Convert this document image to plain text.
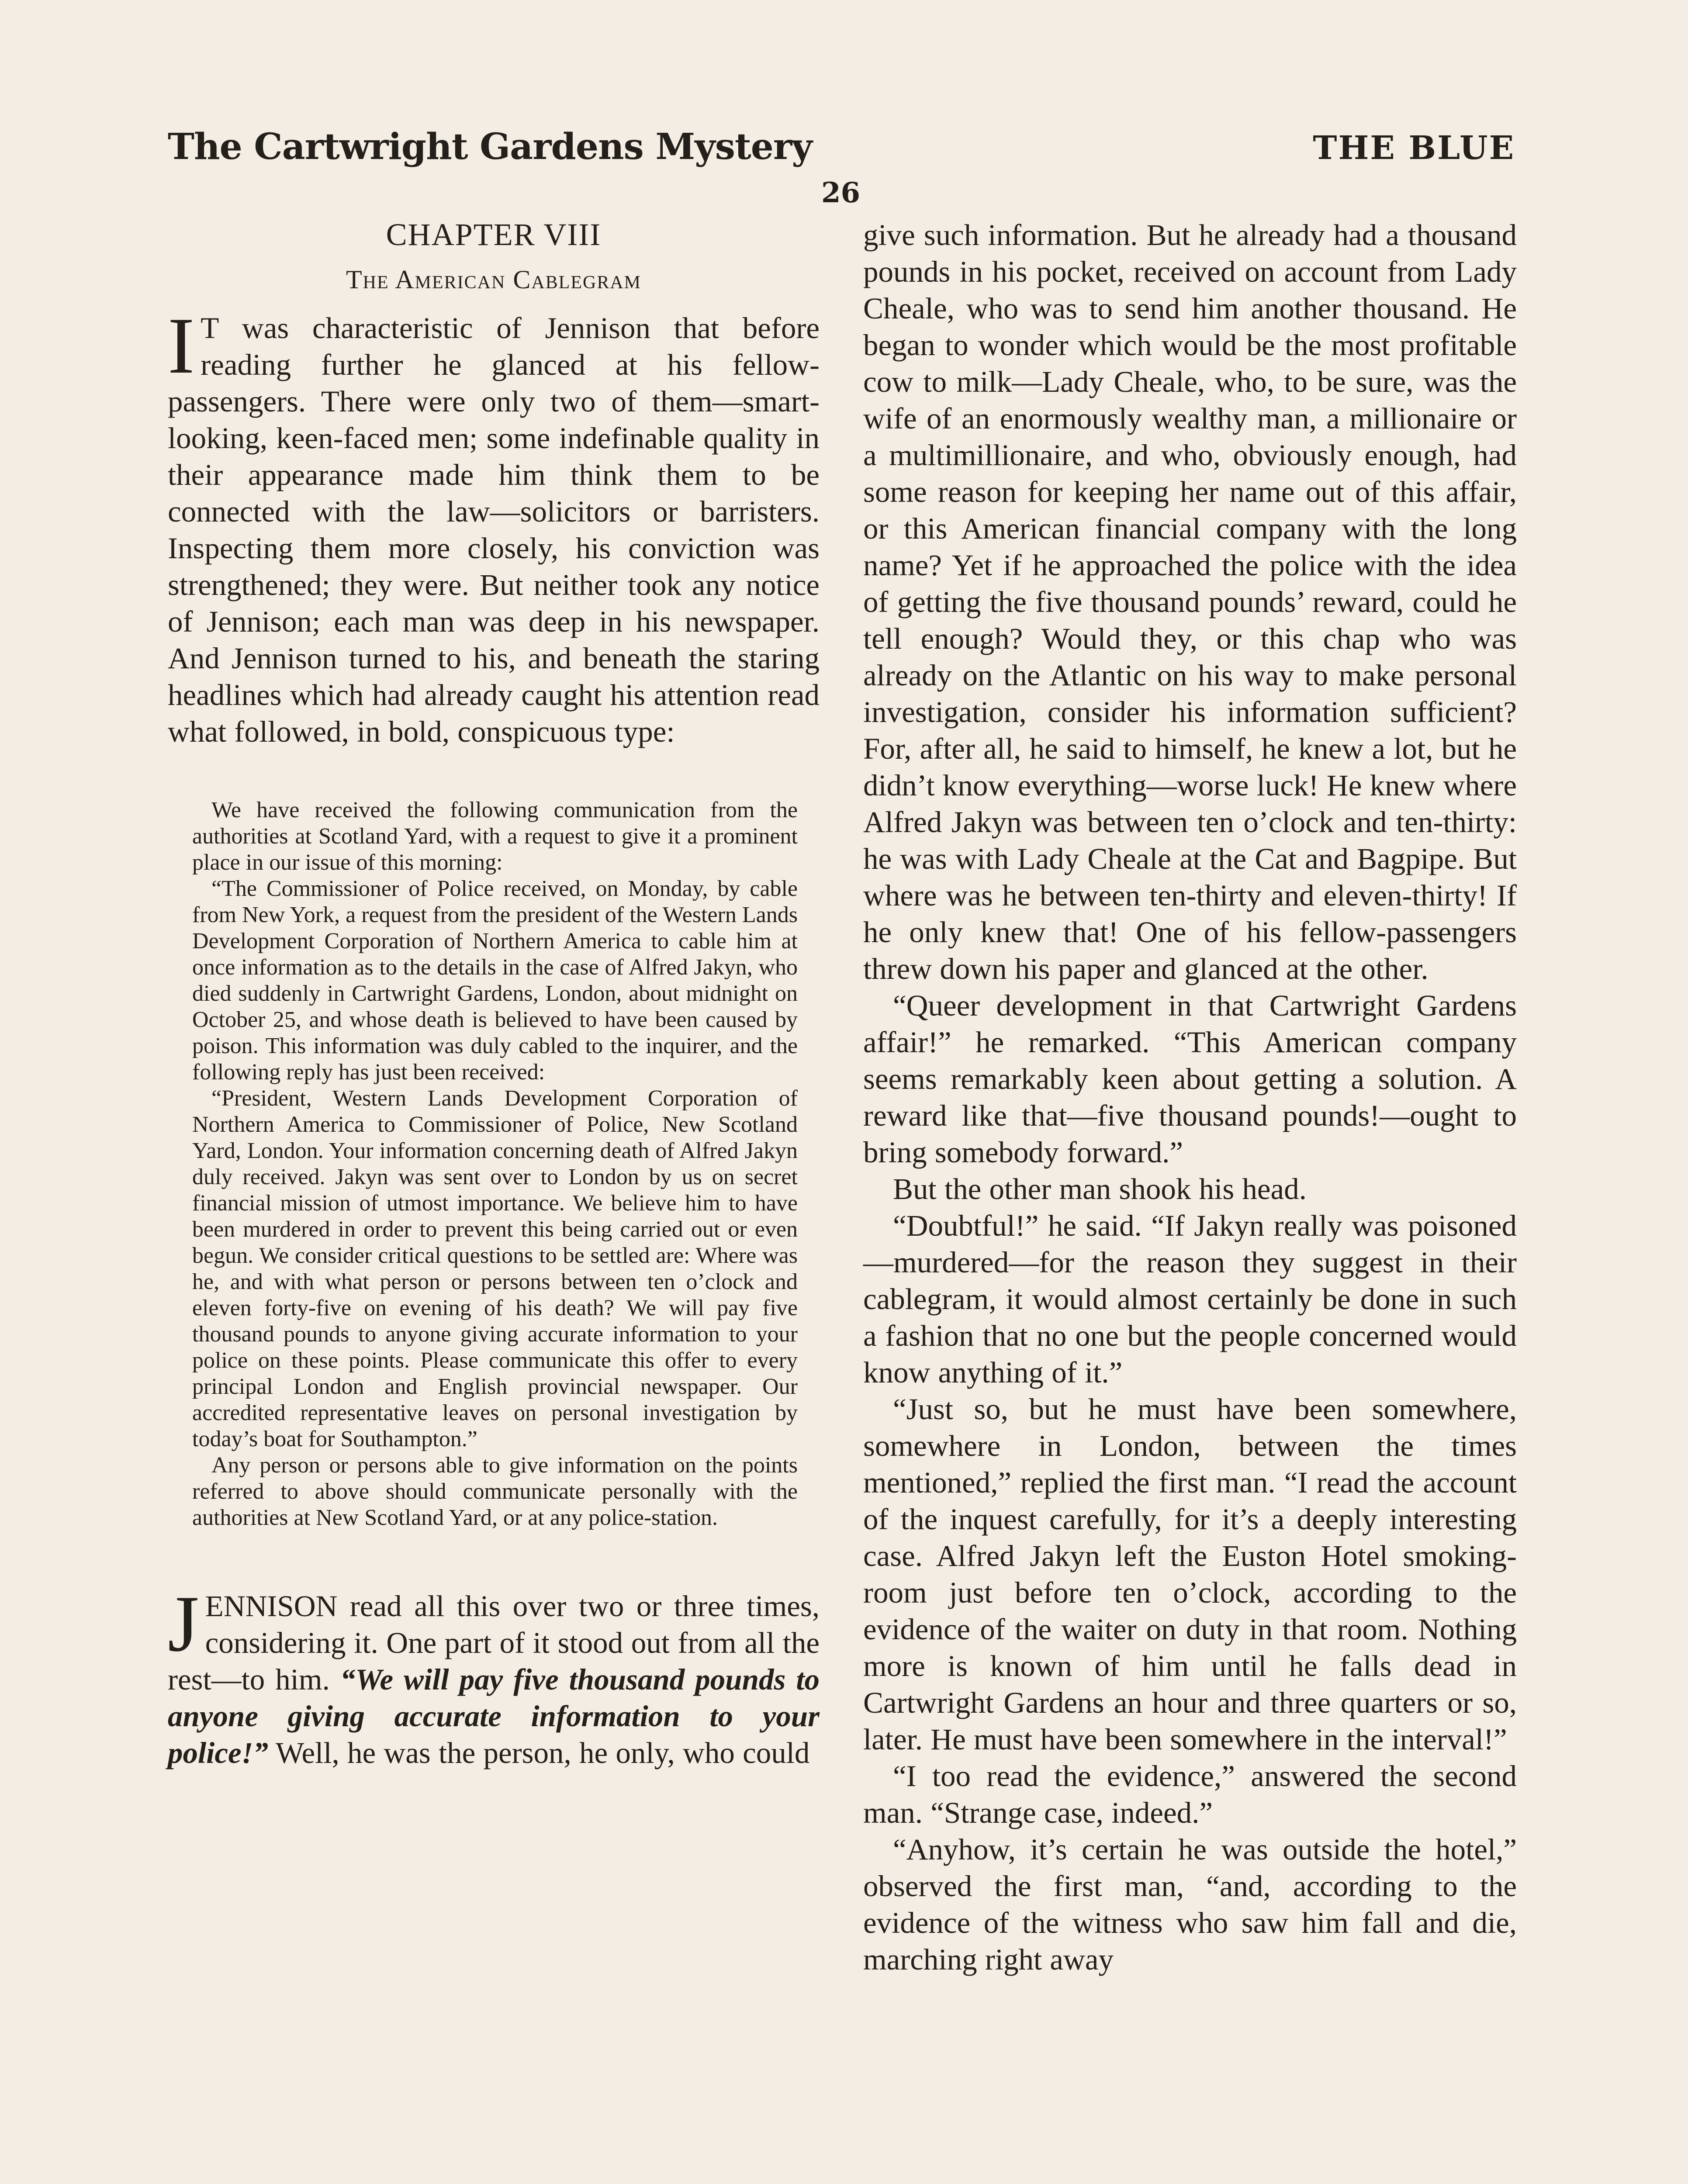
The Cartwright Gardens Mystery	THE BLUE
26
CHAPTER VIII
The American Cablegram

I T was characteristic of Jennison that before reading further he glanced at his fellow-passengers. There were only two of them—smart-looking, keen-faced men; some indefinable quality in their appearance made him think them to be connected with the law—solicitors or barristers. Inspecting them more closely, his conviction was strengthened; they were. But neither took any notice of Jennison; each man was deep in his newspaper. And Jennison turned to his, and beneath the staring headlines which had already caught his attention read what followed, in bold, conspicuous type:

We have received the following communication from the authorities at Scotland Yard, with a request to give it a prominent place in our issue of this morning:

“The Commissioner of Police received, on Monday, by cable from New York, a request from the president of the Western Lands Development Corporation of Northern America to cable him at once information as to the details in the case of Alfred Jakyn, who died suddenly in Cartwright Gardens, London, about midnight on October 25, and whose death is believed to have been caused by poison. This information was duly cabled to the inquirer, and the following reply has just been received:

“President, Western Lands Development Corporation of Northern America to Commissioner of Police, New Scotland Yard, London. Your information concerning death of Alfred Jakyn duly received. Jakyn was sent over to London by us on secret financial mission of utmost importance. We believe him to have been murdered in order to prevent this being carried out or even begun. We consider critical questions to be settled are: Where was he, and with what person or persons between ten o’clock and eleven forty-five on evening of his death? We will pay five thousand pounds to anyone giving accurate information to your police on these points. Please communicate this offer to every principal London and English provincial newspaper. Our accredited representative leaves on personal investigation by today’s boat for Southampton.”

Any person or persons able to give information on the points referred to above should communicate personally with the authorities at New Scotland Yard, or at any police-station.

JENNISON read all this over two or three times, considering it. One part of it stood out from all the rest—to him. “We will pay five thousand pounds to anyone giving accurate information to your police!” Well, he was the person, he only, who could

give such information. But he already had a thousand pounds in his pocket, received on account from Lady Cheale, who was to send him another thousand. He began to wonder which would be the most profitable cow to milk—Lady Cheale, who, to be sure, was the wife of an enormously wealthy man, a millionaire or a multimillionaire, and who, obviously enough, had some reason for keeping her name out of this affair, or this American financial company with the long name? Yet if he approached the police with the idea of getting the five thousand pounds’ reward, could he tell enough? Would they, or this chap who was already on the Atlantic on his way to make personal investigation, consider his information sufficient? For, after all, he said to himself, he knew a lot, but he didn’t know everything—worse luck! He knew where Alfred Jakyn was between ten o’clock and ten-thirty: he was with Lady Cheale at the Cat and Bagpipe. But where was he between ten-thirty and eleven-thirty! If he only knew that! One of his fellow-passengers threw down his paper and glanced at the other.

“Queer development in that Cartwright Gardens affair!” he remarked. “This American company seems remarkably keen about getting a solution. A reward like that—five thousand pounds!—ought to bring somebody forward.”

But the other man shook his head.

“Doubtful!” he said. “If Jakyn really was poisoned—murdered—for the reason they suggest in their cablegram, it would almost certainly be done in such a fashion that no one but the people concerned would know anything of it.”

“Just so, but he must have been somewhere, somewhere in London, between the times mentioned,” replied the first man. “I read the account of the inquest carefully, for it’s a deeply interesting case. Alfred Jakyn left the Euston Hotel smoking-room just before ten o’clock, according to the evidence of the waiter on duty in that room. Nothing more is known of him until he falls dead in Cartwright Gardens an hour and three quarters or so, later. He must have been somewhere in the interval!”

“I too read the evidence,” answered the second man. “Strange case, indeed.”

“Anyhow, it’s certain he was outside the hotel,” observed the first man, “and, according to the evidence of the witness who saw him fall and die, marching right away
